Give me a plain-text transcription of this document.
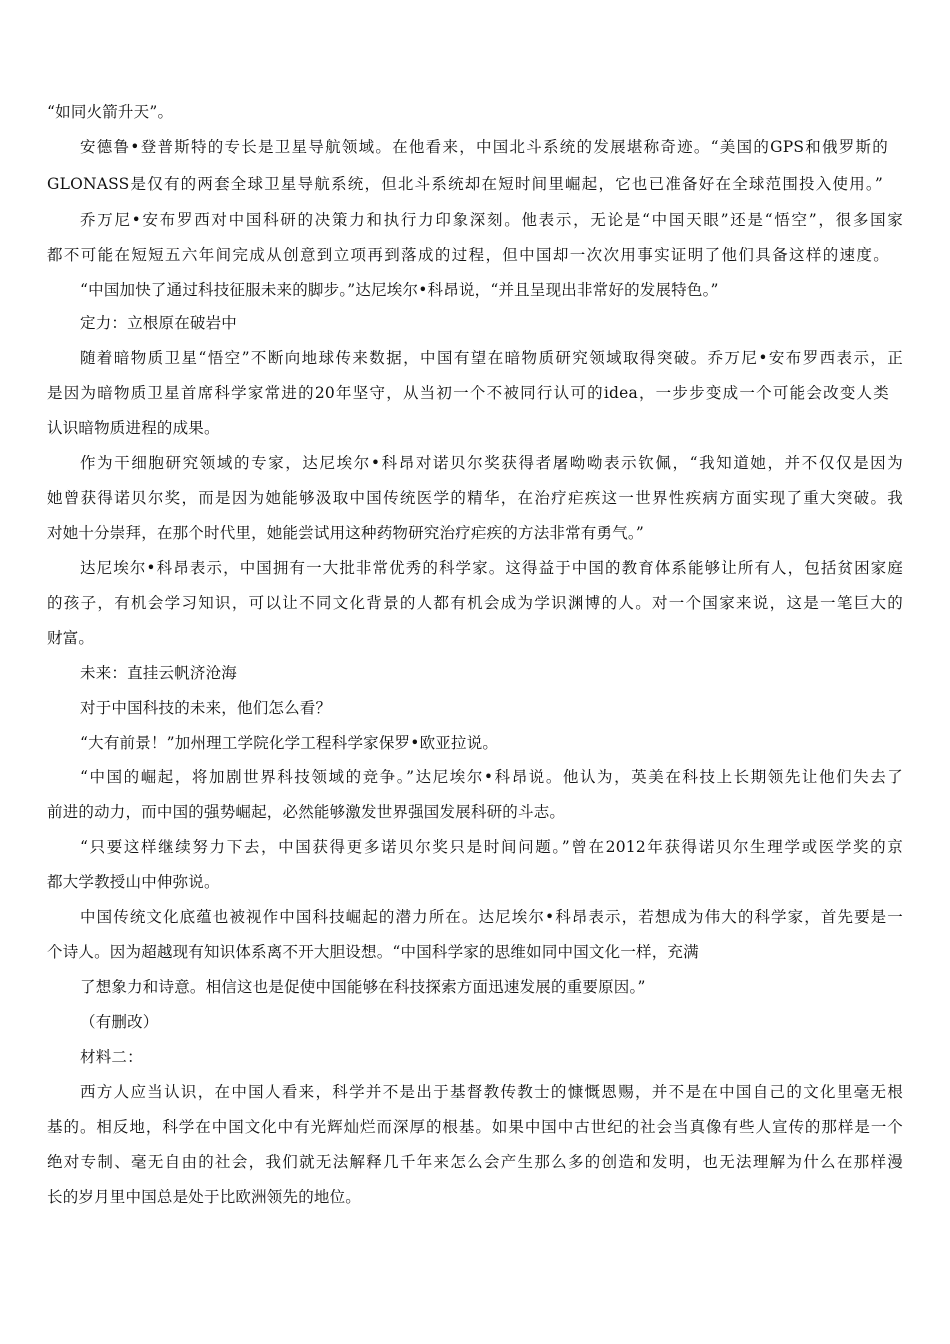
“如同火箭升天”。
安德鲁•登普斯特的专长是卫星导航领域。在他看来，中国北斗系统的发展堪称奇迹。“美国的GPS和俄罗斯的
GLONASS是仅有的两套全球卫星导航系统，但北斗系统却在短时间里崛起，它也已准备好在全球范围投入使用。”
乔万尼•安布罗西对中国科研的决策力和执行力印象深刻。他表示，无论是“中国天眼”还是“悟空”，很多国家
都不可能在短短五六年间完成从创意到立项再到落成的过程，但中国却一次次用事实证明了他们具备这样的速度。
“中国加快了通过科技征服未来的脚步。”达尼埃尔•科昂说，“并且呈现出非常好的发展特色。”
定力：立根原在破岩中
随着暗物质卫星“悟空”不断向地球传来数据，中国有望在暗物质研究领域取得突破。乔万尼•安布罗西表示，正
是因为暗物质卫星首席科学家常进的20年坚守，从当初一个不被同行认可的idea，一步步变成一个可能会改变人类
认识暗物质进程的成果。
作为干细胞研究领域的专家，达尼埃尔•科昂对诺贝尔奖获得者屠呦呦表示钦佩，“我知道她，并不仅仅是因为
她曾获得诺贝尔奖，而是因为她能够汲取中国传统医学的精华，在治疗疟疾这一世界性疾病方面实现了重大突破。我
对她十分崇拜，在那个时代里，她能尝试用这种药物研究治疗疟疾的方法非常有勇气。”
达尼埃尔•科昂表示，中国拥有一大批非常优秀的科学家。这得益于中国的教育体系能够让所有人，包括贫困家庭
的孩子，有机会学习知识，可以让不同文化背景的人都有机会成为学识渊博的人。对一个国家来说，这是一笔巨大的
财富。
未来：直挂云帆济沧海
对于中国科技的未来，他们怎么看？
“大有前景！”加州理工学院化学工程科学家保罗•欧亚拉说。
“中国的崛起，将加剧世界科技领域的竞争。”达尼埃尔•科昂说。他认为，英美在科技上长期领先让他们失去了
前进的动力，而中国的强势崛起，必然能够激发世界强国发展科研的斗志。
“只要这样继续努力下去，中国获得更多诺贝尔奖只是时间问题。”曾在2012年获得诺贝尔生理学或医学奖的京
都大学教授山中伸弥说。
中国传统文化底蕴也被视作中国科技崛起的潜力所在。达尼埃尔•科昂表示，若想成为伟大的科学家，首先要是一
个诗人。因为超越现有知识体系离不开大胆设想。“中国科学家的思维如同中国文化一样，充满
了想象力和诗意。相信这也是促使中国能够在科技探索方面迅速发展的重要原因。”
（有删改）
材料二：
西方人应当认识，在中国人看来，科学并不是出于基督教传教士的慷慨恩赐，并不是在中国自己的文化里毫无根
基的。相反地，科学在中国文化中有光辉灿烂而深厚的根基。如果中国中古世纪的社会当真像有些人宣传的那样是一个
绝对专制、毫无自由的社会，我们就无法解释几千年来怎么会产生那么多的创造和发明，也无法理解为什么在那样漫
长的岁月里中国总是处于比欧洲领先的地位。
